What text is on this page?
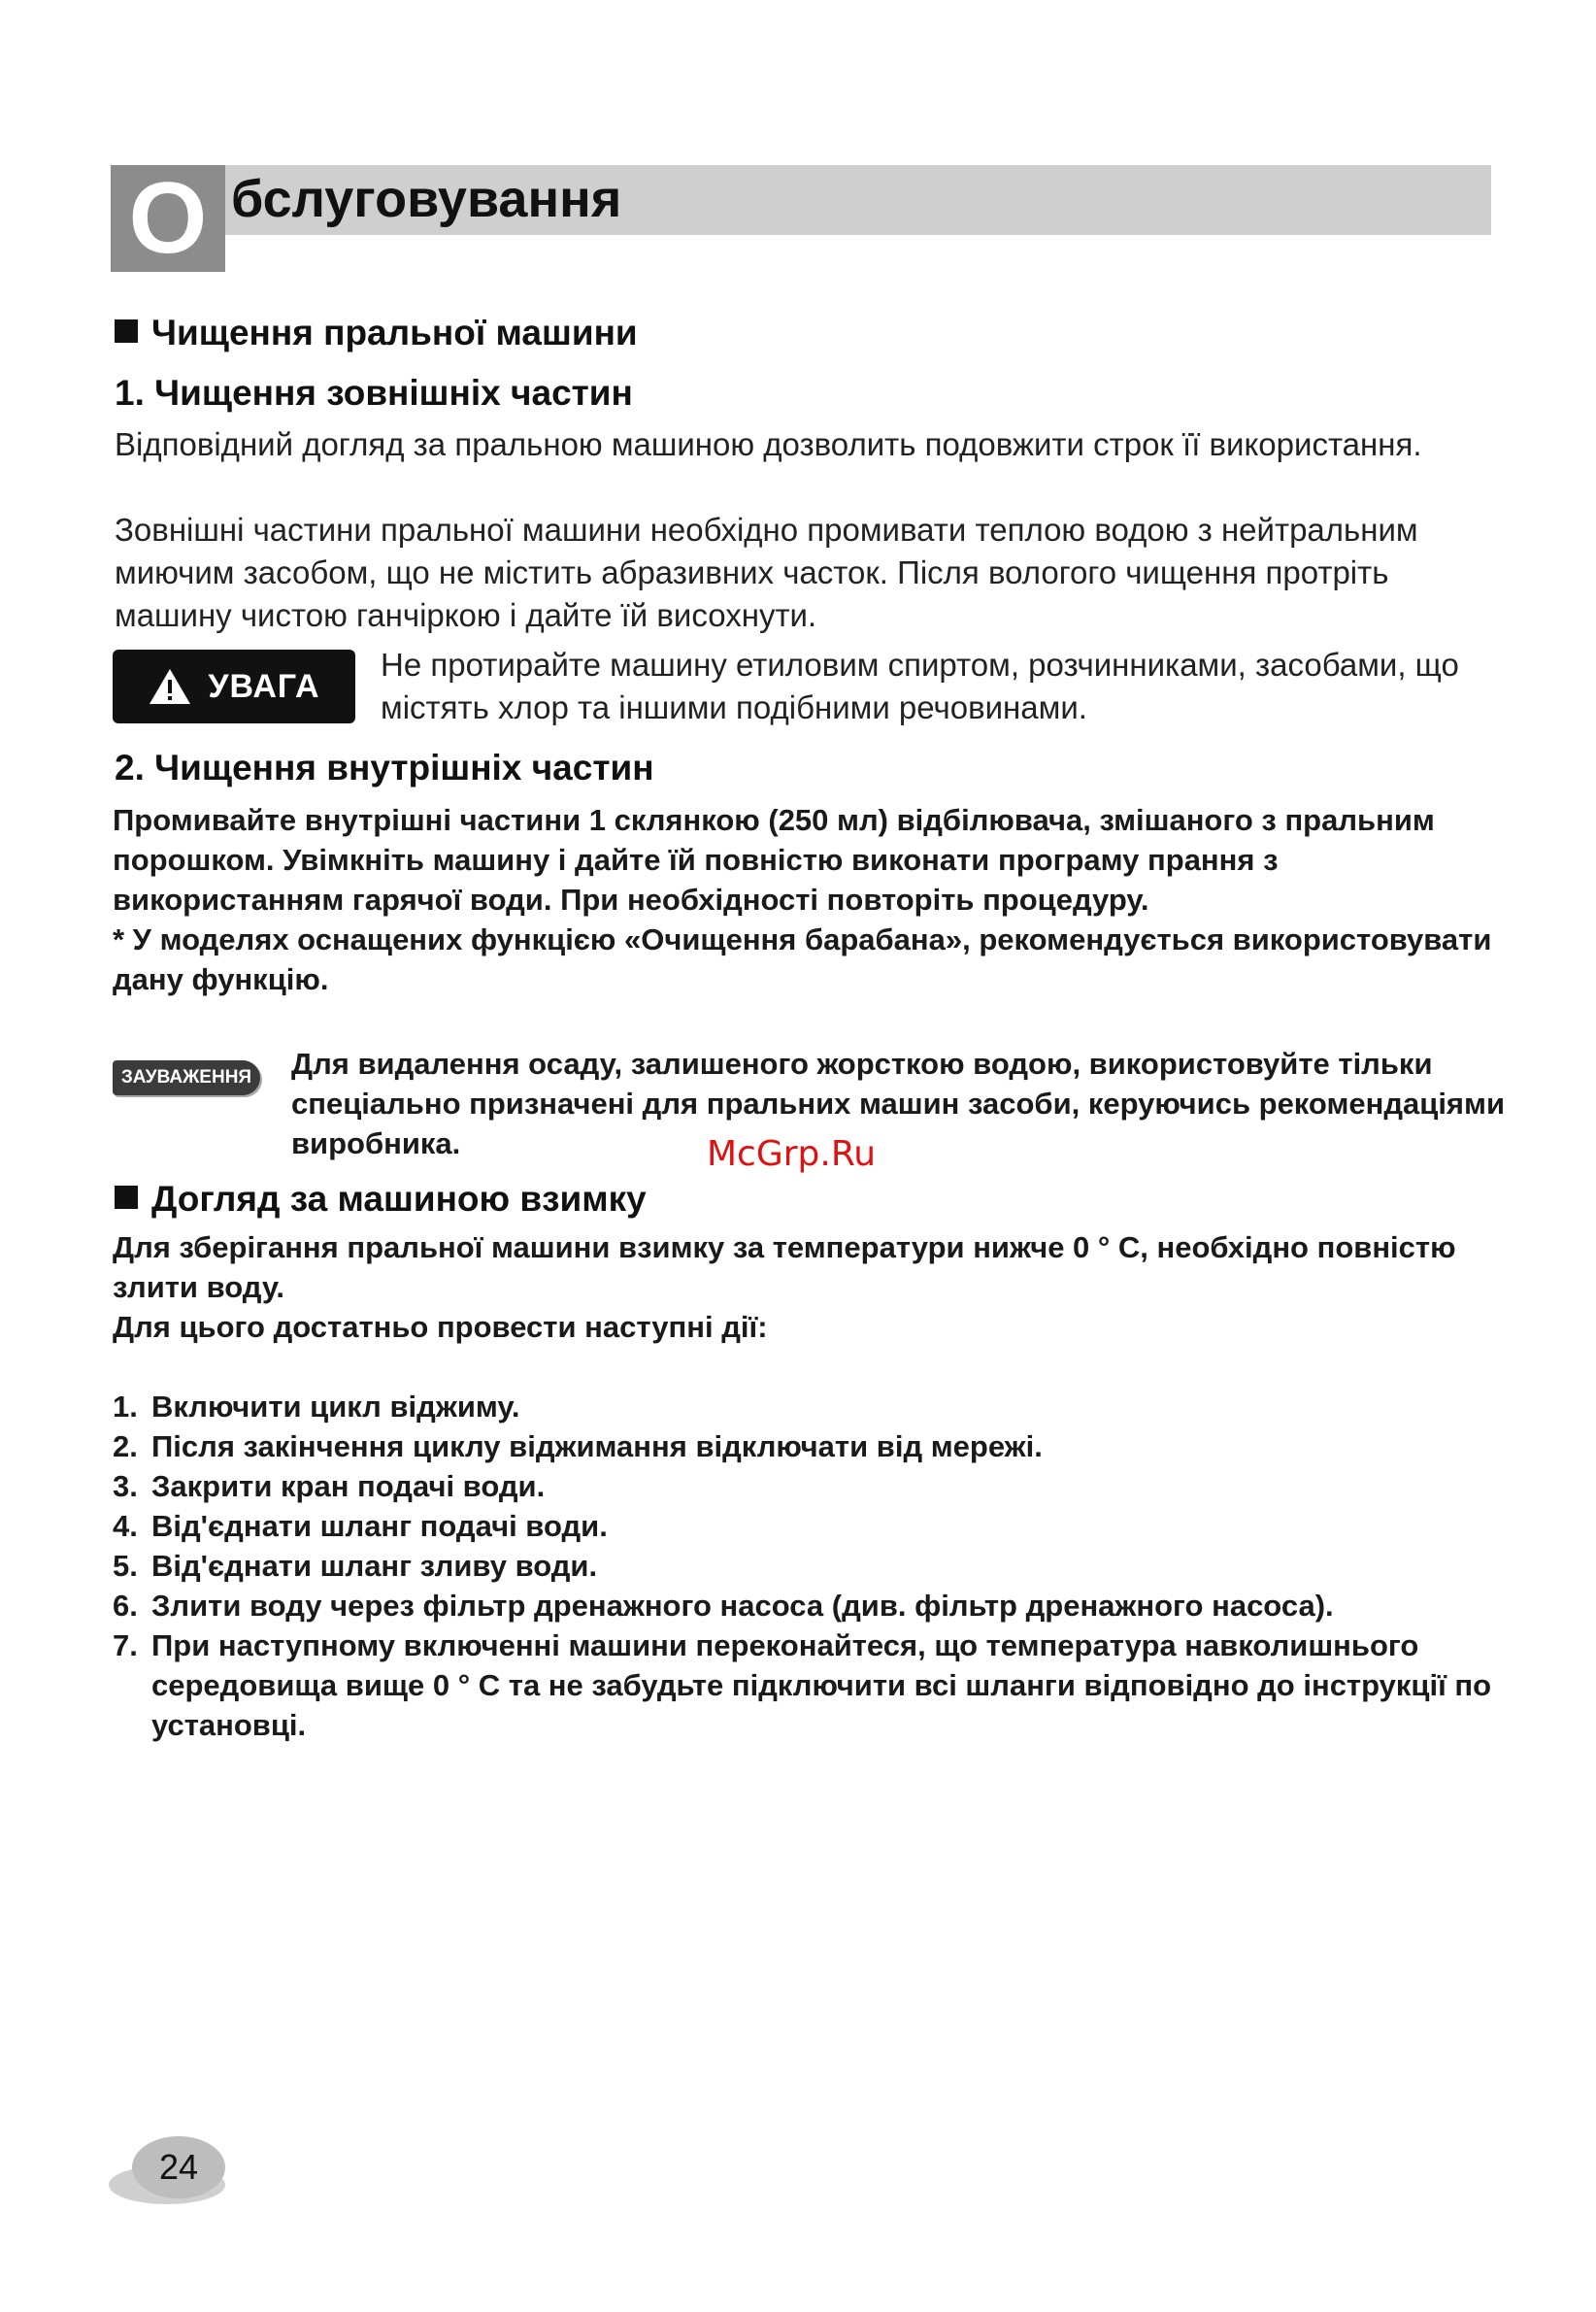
О бслуговування
Чищення пральної машини
1. Чищення зовнішніх частин

Відповідний догляд за пральною машиною дозволить подовжити строк її використання.

Зовнішні частини пральної машини необхідно промивати теплою водою з нейтральним миючим засобом, що не містить абразивних часток. Після вологого чищення протріть машину чистою ганчіркою і дайте їй висохнути.

УВАГА

Не протирайте машину етиловим спиртом, розчинниками, засобами, що містять хлор та іншими подібними речовинами.

2. Чищення внутрішніх частин

Промивайте внутрішні частини 1 склянкою (250 мл) відбілювача, змішаного з пральним порошком. Увімкніть машину і дайте їй повністю виконати програму прання з використанням гарячої води. При необхідності повторіть процедуру.

* У моделях оснащених функцією «Очищення барабана», рекомендується використовувати дану функцію.

ЗАУВАЖЕННЯ Для видалення осаду, залишеного жорсткою водою, використовуйте тільки спеціально призначені для пральних машин засоби, керуючись рекомендаціями виробника.	McGrp.Ru
Догляд за машиною взимку

Для зберігання пральної машини взимку за температури нижче 0 ° С, необхідно повністю злити воду.

Для цього достатньо провести наступні дії:

1. Включити цикл віджиму.
2. Після закінчення циклу віджимання відключати від мережі.
3. Закрити кран подачі води.
4. Від'єднати шланг подачі води.
5. Від'єднати шланг зливу води.
6. Злити воду через фільтр дренажного насоса (див. фільтр дренажного насоса).
7. При наступному включенні машини переконайтеся, що температура навколишнього середовища вище 0 ° С та не забудьте підключити всі шланги відповідно до інструкції по установці.
24
